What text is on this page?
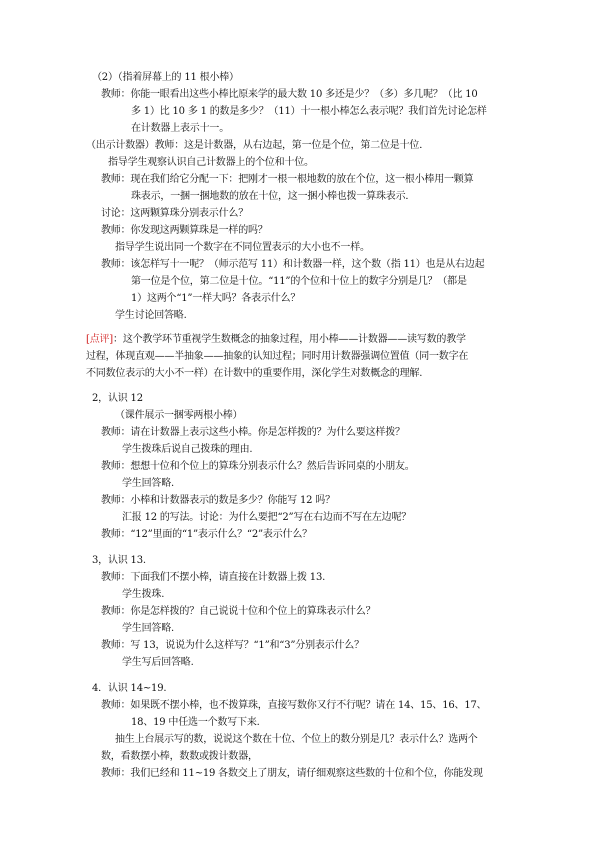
（2）（指着屏幕上的 11 根小棒）
教师：你能一眼看出这些小棒比原来学的最大数 10 多还是少？（多）多几呢？（比 10
多 1）比 10 多 1 的数是多少？（11）十一根小棒怎么表示呢？我们首先讨论怎样
在计数器上表示十一。
（出示计数器）教师：这是计数器，从右边起，第一位是个位，第二位是十位．
指导学生观察认识自己计数器上的个位和十位。
教师：现在我们给它分配一下：把刚才一根一根地数的放在个位，这一根小棒用一颗算
珠表示，一捆一捆地数的放在十位，这一捆小棒也拨一算珠表示．
讨论：这两颗算珠分别表示什么？
教师：你发现这两颗算珠是一样的吗？
指导学生说出同一个数字在不同位置表示的大小也不一样。
教师：该怎样写十一呢？（师示范写 11）和计数器一样，这个数（指 11）也是从右边起
第一位是个位，第二位是十位。“11”的个位和十位上的数字分别是几？（都是
1）这两个“1”一样大吗？各表示什么？
学生讨论回答略.
[点评]：这个教学环节重视学生数概念的抽象过程，用小棒——计数器——读写数的教学
过程，体现直观——半抽象——抽象的认知过程；同时用计数器强调位置值（同一数字在
不同数位表示的大小不一样）在计数中的重要作用，深化学生对数概念的理解.
2，认识 12
（课件展示一捆零两根小棒）
教师：请在计数器上表示这些小棒。你是怎样拨的？为什么要这样拨？
学生拨珠后说自己拨珠的理由.
教师：想想十位和个位上的算珠分别表示什么？然后告诉同桌的小朋友。
学生回答略.
教师：小棒和计数器表示的数是多少？你能写 12 吗？
汇报 12 的写法。讨论：为什么要把“2”写在右边而不写在左边呢？
教师：“12”里面的“1”表示什么？“2”表示什么？
3，认识 13.
教师：下面我们不摆小棒，请直接在计数器上拨 13.
学生拨珠.
教师：你是怎样拨的？自己说说十位和个位上的算珠表示什么？
学生回答略.
教师：写 13，说说为什么这样写？“1”和“3”分别表示什么？
学生写后回答略.
4．认识 14~19.
教师：如果既不摆小棒，也不拨算珠，直接写数你又行不行呢？请在 14、15、16、17、
18、19 中任选一个数写下来.
抽生上台展示写的数，说说这个数在十位、个位上的数分别是几？表示什么？选两个
数，看数摆小棒，数数或拨计数器，
教师：我们已经和 11~19 各数交上了朋友，请仔细观察这些数的十位和个位，你能发现
